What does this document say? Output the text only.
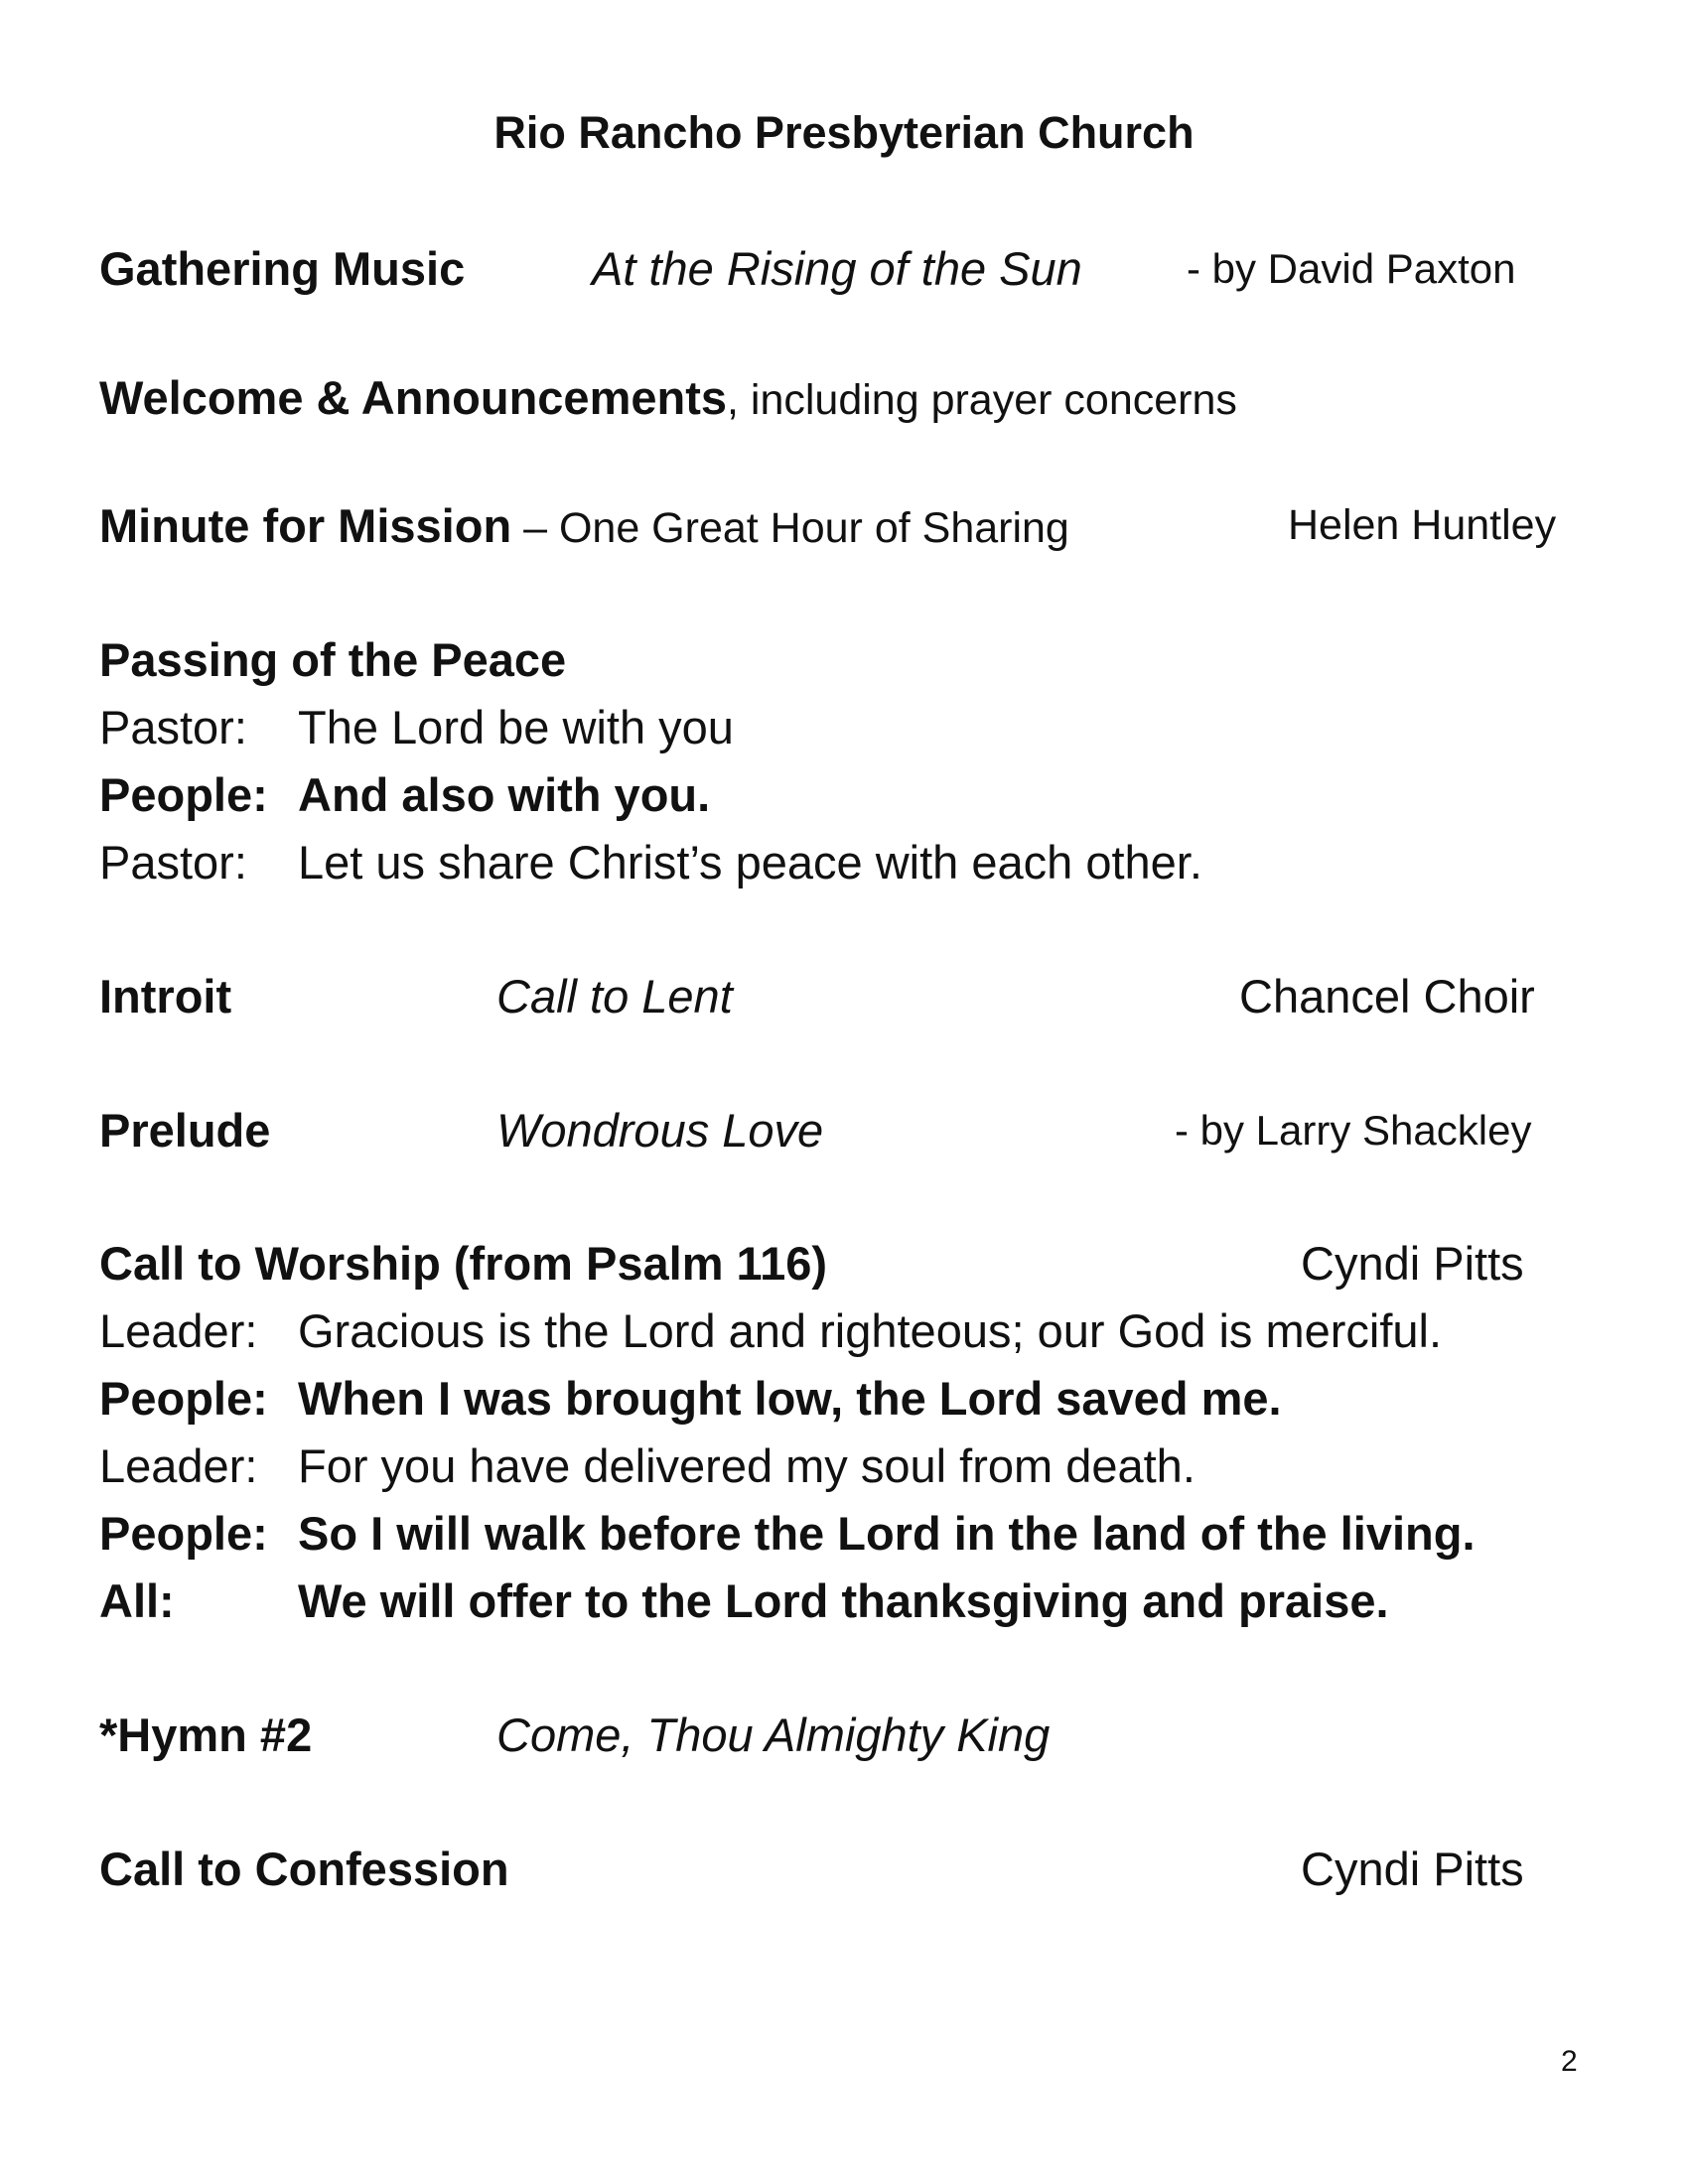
Rio Rancho Presbyterian Church
Gathering Music	At the Rising of the Sun	- by David Paxton
Welcome & Announcements, including prayer concerns
Minute for Mission – One Great Hour of Sharing	Helen Huntley
Passing of the Peace
Pastor: The Lord be with you
People: And also with you.
Pastor: Let us share Christ’s peace with each other.
Introit	Call to Lent	Chancel Choir
Prelude	Wondrous Love	- by Larry Shackley
Call to Worship (from Psalm 116)	Cyndi Pitts
Leader: Gracious is the Lord and righteous; our God is merciful.
People: When I was brought low, the Lord saved me.
Leader: For you have delivered my soul from death.
People: So I will walk before the Lord in the land of the living.
All:	We will offer to the Lord thanksgiving and praise.
*Hymn #2	Come, Thou Almighty King
Call to Confession	Cyndi Pitts
2
